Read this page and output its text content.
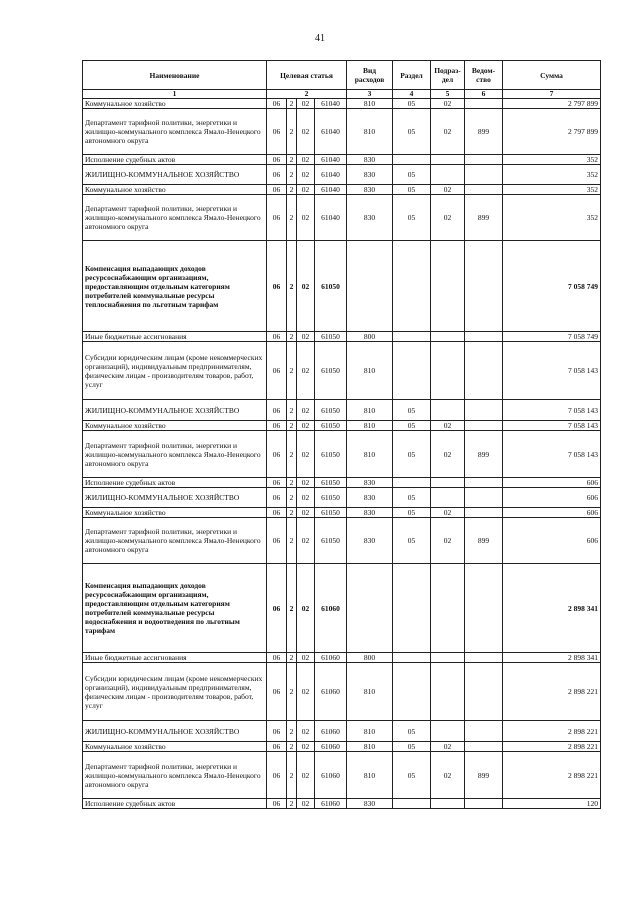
41
Наименование	Целевая статья				Вид расходов	Раздел	Подраз-дел	Ведом-ство	Сумма
1	2				3	4	5	6	7
Коммунальное хозяйство	06	2	02	61040	810	05	02		2 797 899
Департамент тарифной политики, энергетики и жилищно-коммунального комплекса Ямало-Ненецкого автономного округа	06	2	02	61040	810	05	02	899	2 797 899
Исполнение судебных актов	06	2	02	61040	830				352
ЖИЛИЩНО-КОММУНАЛЬНОЕ ХОЗЯЙСТВО	06	2	02	61040	830	05			352
Коммунальное хозяйство	06	2	02	61040	830	05	02		352
Департамент тарифной политики, энергетики и жилищно-коммунального комплекса Ямало-Ненецкого автономного округа	06	2	02	61040	830	05	02	899	352
Компенсация выпадающих доходов ресурсоснабжающим организациям, предоставляющим отдельным категориям потребителей коммунальные ресурсы теплоснабжения по льготным тарифам	06	2	02	61050					7 058 749
Иные бюджетные ассигнования	06	2	02	61050	800				7 058 749
Субсидии юридическим лицам (кроме некоммерческих организаций), индивидуальным предпринимателям, физическим лицам - производителям товаров, работ, услуг	06	2	02	61050	810				7 058 143
ЖИЛИЩНО-КОММУНАЛЬНОЕ ХОЗЯЙСТВО	06	2	02	61050	810	05			7 058 143
Коммунальное хозяйство	06	2	02	61050	810	05	02		7 058 143
Департамент тарифной политики, энергетики и жилищно-коммунального комплекса Ямало-Ненецкого автономного округа	06	2	02	61050	810	05	02	899	7 058 143
Исполнение судебных актов	06	2	02	61050	830				606
ЖИЛИЩНО-КОММУНАЛЬНОЕ ХОЗЯЙСТВО	06	2	02	61050	830	05			606
Коммунальное хозяйство	06	2	02	61050	830	05	02		606
Департамент тарифной политики, энергетики и жилищно-коммунального комплекса Ямало-Ненецкого автономного округа	06	2	02	61050	830	05	02	899	606
Компенсация выпадающих доходов ресурсоснабжающим организациям, предоставляющим отдельным категориям потребителей коммунальные ресурсы водоснабжения и водоотведения по льготным тарифам	06	2	02	61060					2 898 341
Иные бюджетные ассигнования	06	2	02	61060	800				2 898 341
Субсидии юридическим лицам (кроме некоммерческих организаций), индивидуальным предпринимателям, физическим лицам - производителям товаров, работ, услуг	06	2	02	61060	810				2 898 221
ЖИЛИЩНО-КОММУНАЛЬНОЕ ХОЗЯЙСТВО	06	2	02	61060	810	05			2 898 221
Коммунальное хозяйство	06	2	02	61060	810	05	02		2 898 221
Департамент тарифной политики, энергетики и жилищно-коммунального комплекса Ямало-Ненецкого автономного округа	06	2	02	61060	810	05	02	899	2 898 221
Исполнение судебных актов	06	2	02	61060	830				120
